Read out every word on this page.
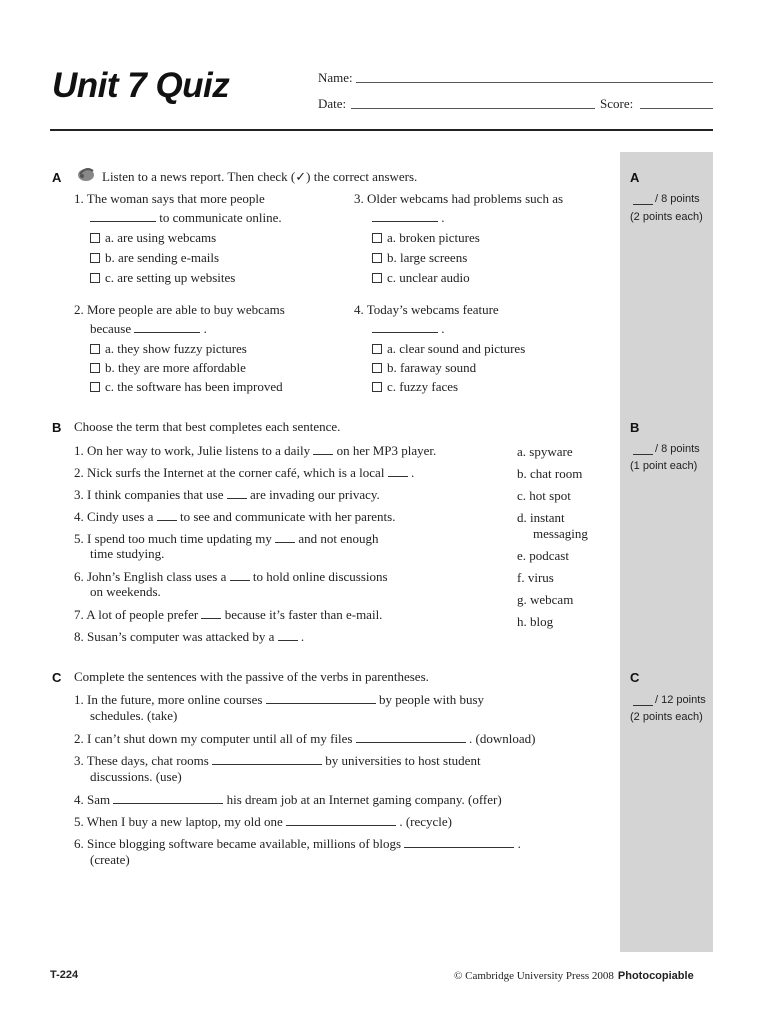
Unit 7 Quiz	Name:
Date:	Score:
A
/ 8 points
(2 points each)
B
/ 8 points
(1 point each)
C
/ 12 points
(2 points each)
A	Listen to a news report. Then check (✓) the correct answers.
1. The woman says that more people
to communicate online.
a. are using webcams
b. are sending e-mails
c. are setting up websites
3. Older webcams had problems such as
.
a. broken pictures
b. large screens
c. unclear audio
2. More people are able to buy webcams
because	.
a. they show fuzzy pictures
b. they are more affordable
c. the software has been improved
4. Today’s webcams feature
.
a. clear sound and pictures
b. faraway sound
c. fuzzy faces
B Choose the term that best completes each sentence.
1. On her way to work, Julie listens to a daily on her MP3 player.
2. Nick surfs the Internet at the corner café, which is a local .
3. I think companies that use are invading our privacy.
4. Cindy uses a to see and communicate with her parents.
5. I spend too much time updating my and not enough
time studying.
6. John’s English class uses a to hold online discussions
on weekends.
7. A lot of people prefer because it’s faster than e-mail.
8. Susan’s computer was attacked by a .
a. spyware
b. chat room
c. hot spot
d. instant
messaging
e. podcast
f. virus
g. webcam
h. blog
C Complete the sentences with the passive of the verbs in parentheses.
1. In the future, more online courses	by people with busy
schedules. (take)
2. I can’t shut down my computer until all of my files	. (download)
3. These days, chat rooms	by universities to host student
discussions. (use)
4. Sam	his dream job at an Internet gaming company. (offer)
5. When I buy a new laptop, my old one	. (recycle)
6. Since blogging software became available, millions of blogs	.
(create)
T-224	© Cambridge University Press 2008 Photocopiable
